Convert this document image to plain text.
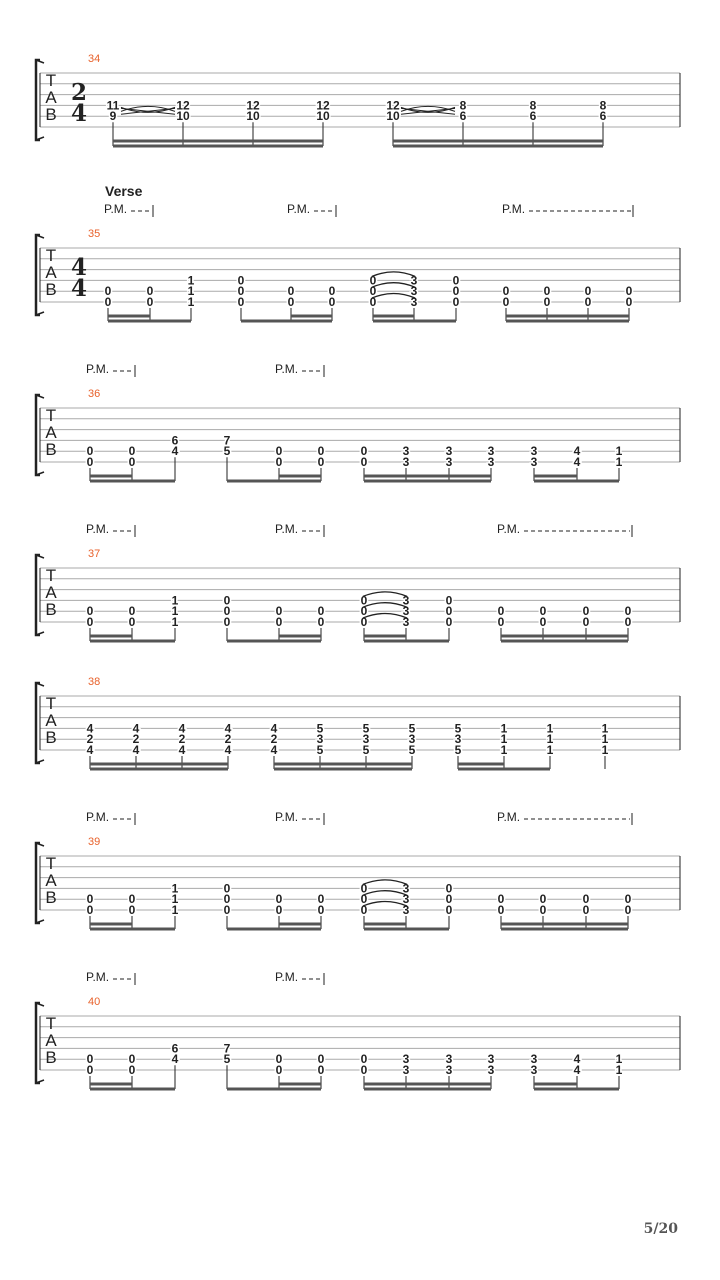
T
A
B
34
2
4 11
9
12
10
12
10
12
10
12
10
8
6
8
6
8
6
T
A
B
35
4
4
Verse
P.M.	P.M.	P.M.
0
0
0
0
1
1
1
0
0
0
0
0
0
0
0
0
0
3
3
3
0
0
0
0
0
0
0
0
0
0
0
T
A
B
36
P.M.	P.M.
0
0
0
0
6
4
7
5	0
0
0
0
0
0
3
3
3
3
3
3
3
3
4
4
1
1
T
A
B
37
P.M.	P.M.	P.M.
0
0
0
0
1
1
1
0
0
0
0
0
0
0
0
0
0
3
3
3
0
0
0
0
0
0
0
0
0
0
0
T
A
B
38
4
2
4
4
2
4
4
2
4
4
2
4
4
2
4
5
3
5
5
3
5
5
3
5
5
3
5
1
1
1
1
1
1
1
1
1
T
A
B
39
P.M.	P.M.	P.M.
0
0
0
0
1
1
1
0
0
0
0
0
0
0
0
0
0
3
3
3
0
0
0
0
0
0
0
0
0
0
0
T
A
B
40
P.M.	P.M.
0
0
0
0
6
4
7
5	0
0
0
0
0
0
3
3
3
3
3
3
3
3
4
4
1
1
5/20
